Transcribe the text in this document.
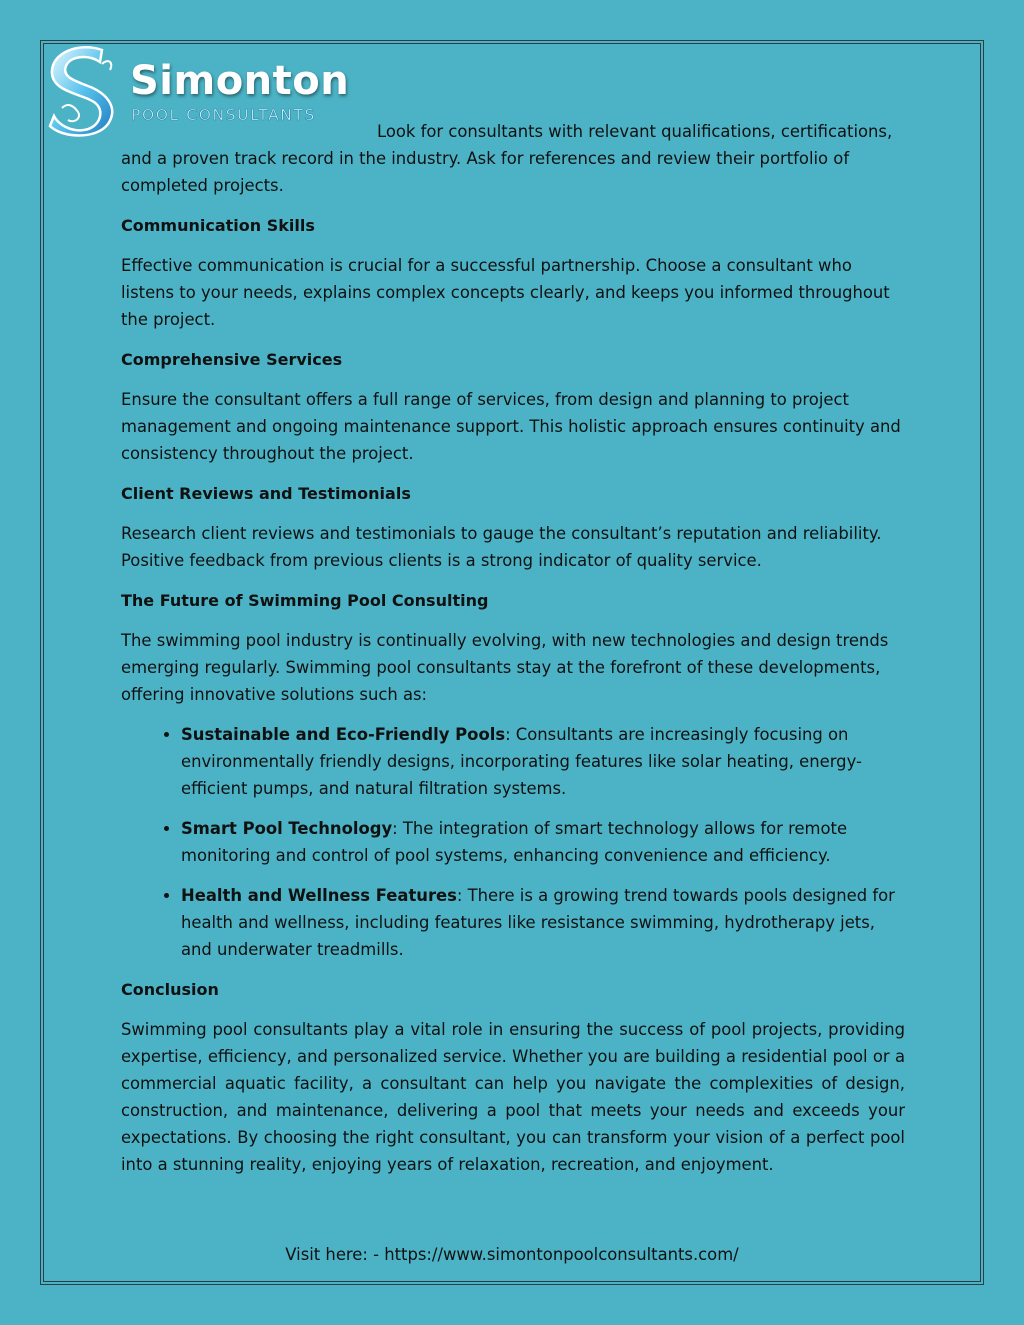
Simonton
POOL CONSULTANTS

Look for consultants with relevant qualifications, certifications, and a proven track record in the industry. Ask for references and review their portfolio of completed projects.

Communication Skills

Effective communication is crucial for a successful partnership. Choose a consultant who listens to your needs, explains complex concepts clearly, and keeps you informed throughout the project.

Comprehensive Services

Ensure the consultant offers a full range of services, from design and planning to project management and ongoing maintenance support. This holistic approach ensures continuity and consistency throughout the project.

Client Reviews and Testimonials

Research client reviews and testimonials to gauge the consultant’s reputation and reliability. Positive feedback from previous clients is a strong indicator of quality service.

The Future of Swimming Pool Consulting

The swimming pool industry is continually evolving, with new technologies and design trends emerging regularly. Swimming pool consultants stay at the forefront of these developments, offering innovative solutions such as:

• Sustainable and Eco-Friendly Pools: Consultants are increasingly focusing on environmentally friendly designs, incorporating features like solar heating, energy-efficient pumps, and natural filtration systems.
• Smart Pool Technology: The integration of smart technology allows for remote monitoring and control of pool systems, enhancing convenience and efficiency.
• Health and Wellness Features: There is a growing trend towards pools designed for health and wellness, including features like resistance swimming, hydrotherapy jets, and underwater treadmills.

Conclusion

Swimming pool consultants play a vital role in ensuring the success of pool projects, providing expertise, efficiency, and personalized service. Whether you are building a residential pool or a commercial aquatic facility, a consultant can help you navigate the complexities of design, construction, and maintenance, delivering a pool that meets your needs and exceeds your expectations. By choosing the right consultant, you can transform your vision of a perfect pool into a stunning reality, enjoying years of relaxation, recreation, and enjoyment.

Visit here: - https://www.simontonpoolconsultants.com/
